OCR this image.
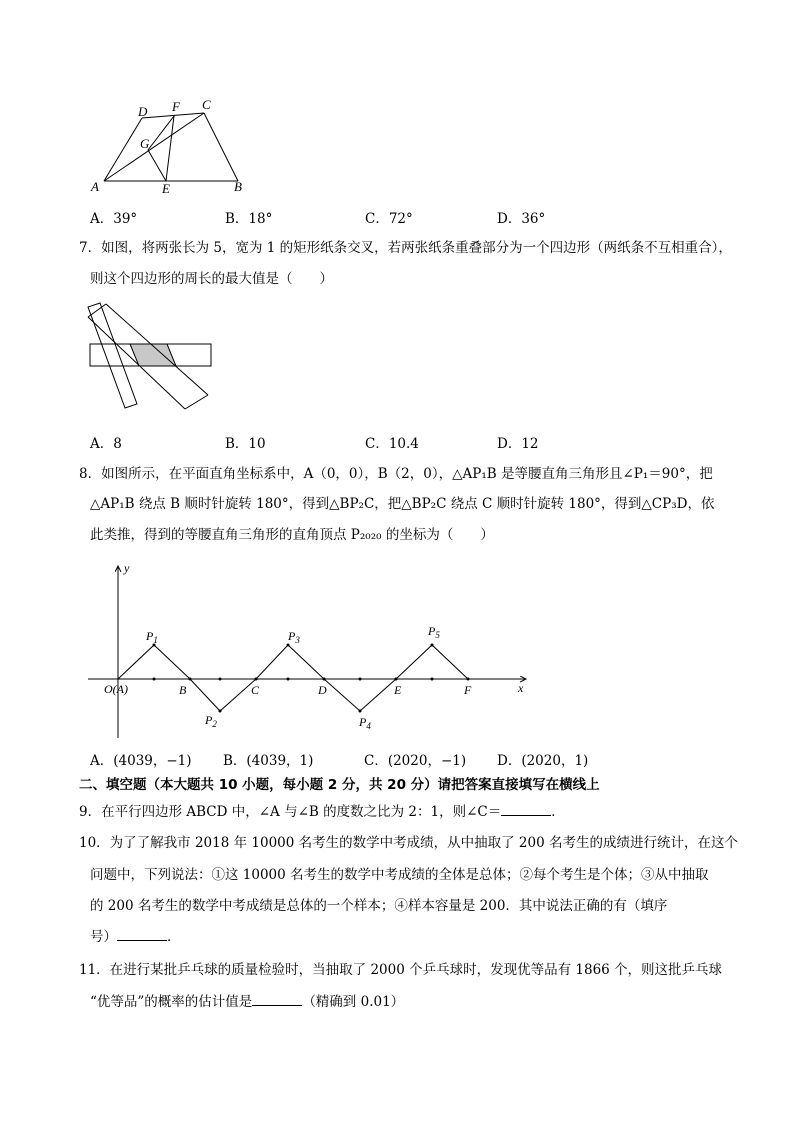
A	B
C
D
E
F
G
A．39°	B．18°	C．72°	D．36°
7．如图，将两张长为 5，宽为 1 的矩形纸条交叉，若两张纸条重叠部分为一个四边形（两纸条不互相重合），
则这个四边形的周长的最大值是（　　）
A．8	B．10	C．10.4	D．12
8．如图所示，在平面直角坐标系中，A（0，0），B（2，0），△AP₁B 是等腰直角三角形且∠P₁＝90°，把
△AP₁B 绕点 B 顺时针旋转 180°，得到△BP₂C，把△BP₂C 绕点 C 顺时针旋转 180°，得到△CP₃D，依
此类推，得到的等腰直角三角形的直角顶点 P₂₀₂₀ 的坐标为（　　）
y
x
O(A)
$P_1$
$P_2$
$P_3$
$P_4$
$P_5$
B	C	D	E	F
A．(4039，−1) B．(4039，1)	C．(2020，−1) D．(2020，1)
二、填空题（本大题共 10 小题，每小题 2 分，共 20 分）请把答案直接填写在横线上
9．在平行四边形 ABCD 中，∠A 与∠B 的度数之比为 2：1，则∠C＝	．
10．为了了解我市 2018 年 10000 名考生的数学中考成绩，从中抽取了 200 名考生的成绩进行统计，在这个
问题中，下列说法：①这 10000 名考生的数学中考成绩的全体是总体；②每个考生是个体；③从中抽取
的 200 名考生的数学中考成绩是总体的一个样本；④样本容量是 200．其中说法正确的有（填序
号）	．
11．在进行某批乒乓球的质量检验时，当抽取了 2000 个乒乓球时，发现优等品有 1866 个，则这批乒乓球
“优等品”的概率的估计值是	（精确到 0.01）
